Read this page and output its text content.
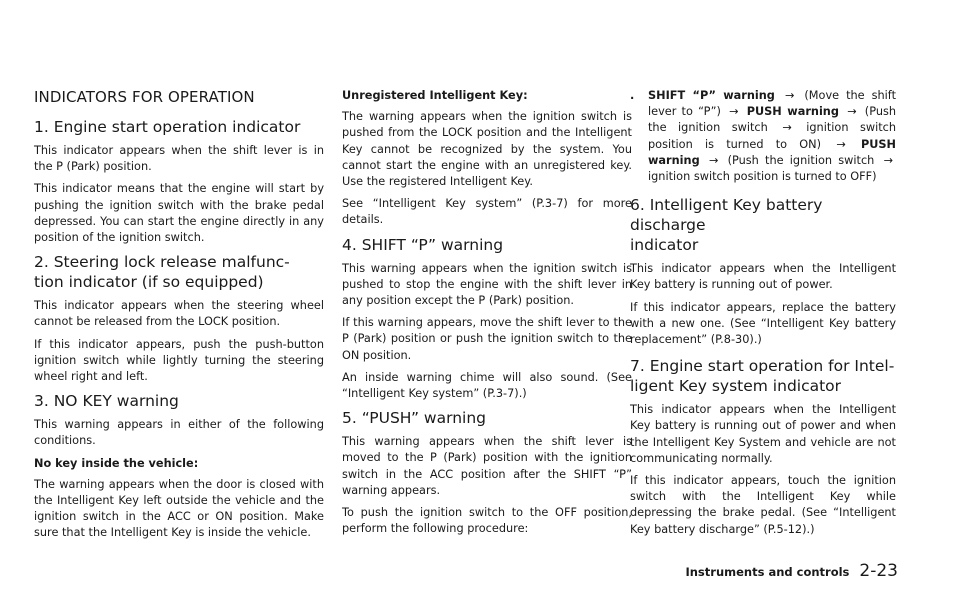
INDICATORS FOR OPERATION
1. Engine start operation indicator

This indicator appears when the shift lever is in the P (Park) position.

This indicator means that the engine will start by pushing the ignition switch with the brake pedal depressed. You can start the engine directly in any position of the ignition switch.

2. Steering lock release malfunc-
tion indicator (if so equipped)

This indicator appears when the steering wheel cannot be released from the LOCK position.

If this indicator appears, push the push-button ignition switch while lightly turning the steering wheel right and left.

3. NO KEY warning

This warning appears in either of the following conditions.

No key inside the vehicle:

The warning appears when the door is closed with the Intelligent Key left outside the vehicle and the ignition switch in the ACC or ON position. Make sure that the Intelligent Key is inside the vehicle.

Unregistered Intelligent Key:

The warning appears when the ignition switch is pushed from the LOCK position and the Intelligent Key cannot be recognized by the system. You cannot start the engine with an unregistered key. Use the registered Intelligent Key.

See “Intelligent Key system” (P.3-7) for more details.

4. SHIFT “P” warning

This warning appears when the ignition switch is pushed to stop the engine with the shift lever in any position except the P (Park) position.

If this warning appears, move the shift lever to the P (Park) position or push the ignition switch to the ON position.

An inside warning chime will also sound. (See “Intelligent Key system” (P.3-7).)

5. “PUSH” warning

This warning appears when the shift lever is moved to the P (Park) position with the ignition switch in the ACC position after the SHIFT “P” warning appears.

To push the ignition switch to the OFF position, perform the following procedure:

.	SHIFT “P” warning → (Move the shift lever to “P”) → PUSH warning → (Push the ignition switch → ignition switch position is turned to ON) → PUSH warning → (Push the ignition switch → ignition switch position is turned to OFF)
6. Intelligent Key battery discharge
indicator

This indicator appears when the Intelligent Key battery is running out of power.

If this indicator appears, replace the battery with a new one. (See “Intelligent Key battery replacement” (P.8-30).)

7. Engine start operation for Intel-
ligent Key system indicator

This indicator appears when the Intelligent Key battery is running out of power and when the Intelligent Key System and vehicle are not communicating normally.

If this indicator appears, touch the ignition switch with the Intelligent Key while depressing the brake pedal. (See “Intelligent Key battery discharge” (P.5-12).)

Instruments and controls 2-23
